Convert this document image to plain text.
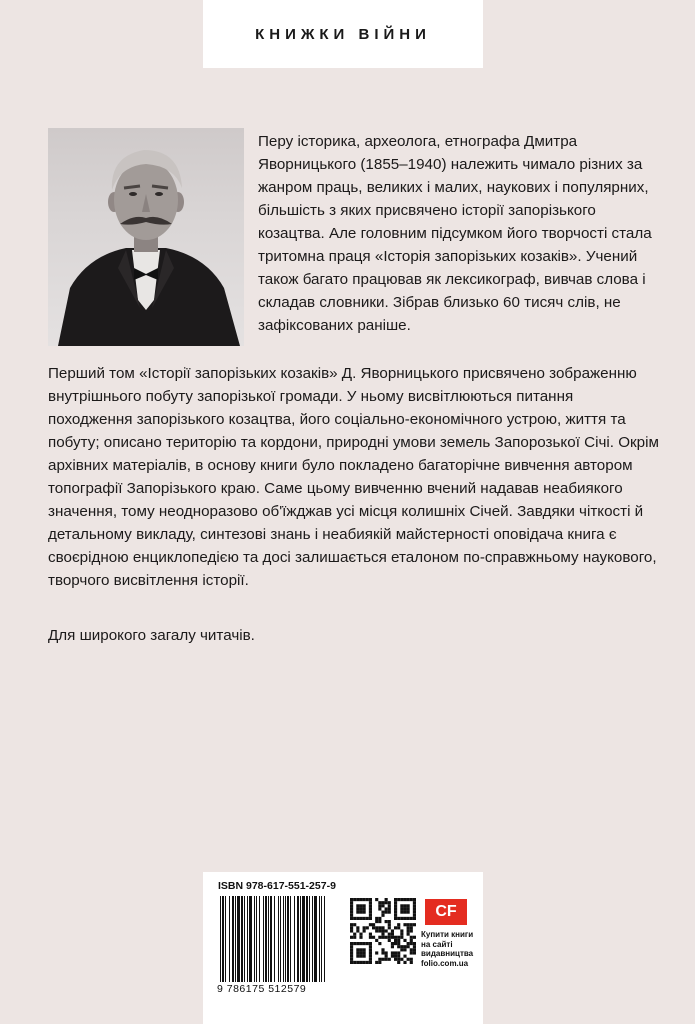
КНИЖКИ ВІЙНИ

Перу історика, археолога, етнографа Дмитра Яворницького (1855–1940) належить чимало різних за жанром праць, великих і малих, наукових і популярних, більшість з яких присвячено історії запорізького козацтва. Але головним підсумком його творчості стала тритомна праця «Історія запорізьких козаків». Учений також багато працював як лексикограф, вивчав слова і складав словники. Зібрав близько 60 тисяч слів, не зафіксованих раніше.

Перший том «Історії запорізьких козаків» Д. Яворницького присвячено зображенню внутрішнього побуту запорізької громади. У ньому висвітлюються питання походження запорізького козацтва, його соціально-економічного устрою, життя та побуту; описано територію та кордони, природні умови земель Запорозької Січі. Окрім архівних матеріалів, в основу книги було покладено багаторічне вивчення автором топографії Запорізького краю. Саме цьому вивченню вчений надавав неабиякого значення, тому неодноразово об'їжджав усі місця колишніх Січей. Завдяки чіткості й детальному викладу, синтезові знань і неабиякій майстерності оповідача книга є своєрідною енциклопедією та досі залишається еталоном по-справжньому наукового, творчого висвітлення історії.

Для широкого загалу читачів.

ISBN 978-617-551-257-9
9 786175 512579
CF
Купити книги
на сайті
видавництва
folio.com.ua
